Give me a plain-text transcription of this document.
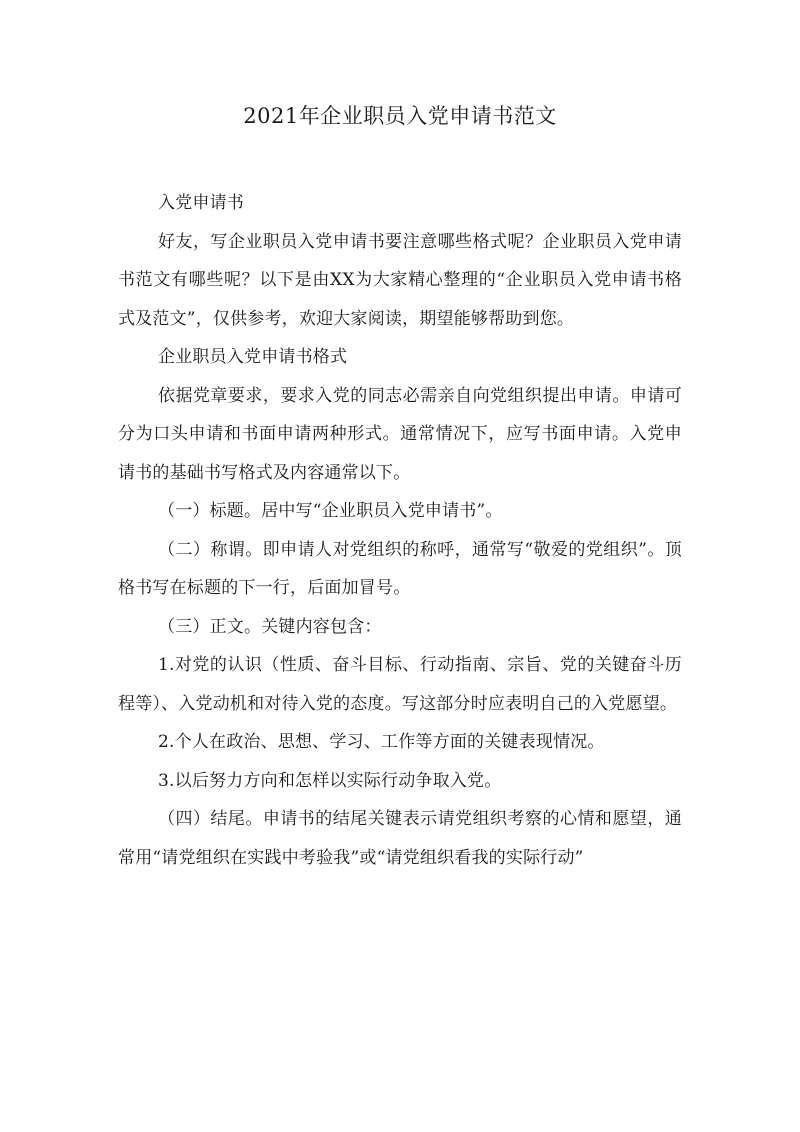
2021年企业职员入党申请书范文

入党申请书

好友，写企业职员入党申请书要注意哪些格式呢？企业职员入党申请书范文有哪些呢？以下是由XX为大家精心整理的“企业职员入党申请书格式及范文”，仅供参考，欢迎大家阅读，期望能够帮助到您。

企业职员入党申请书格式

依据党章要求，要求入党的同志必需亲自向党组织提出申请。申请可分为口头申请和书面申请两种形式。通常情况下，应写书面申请。入党申请书的基础书写格式及内容通常以下。

（一）标题。居中写“企业职员入党申请书”。

（二）称谓。即申请人对党组织的称呼，通常写“敬爱的党组织”。顶格书写在标题的下一行，后面加冒号。

（三）正文。关键内容包含：

1.对党的认识（性质、奋斗目标、行动指南、宗旨、党的关键奋斗历程等）、入党动机和对待入党的态度。写这部分时应表明自己的入党愿望。

2.个人在政治、思想、学习、工作等方面的关键表现情况。

3.以后努力方向和怎样以实际行动争取入党。

（四）结尾。申请书的结尾关键表示请党组织考察的心情和愿望，通常用“请党组织在实践中考验我”或“请党组织看我的实际行动”
